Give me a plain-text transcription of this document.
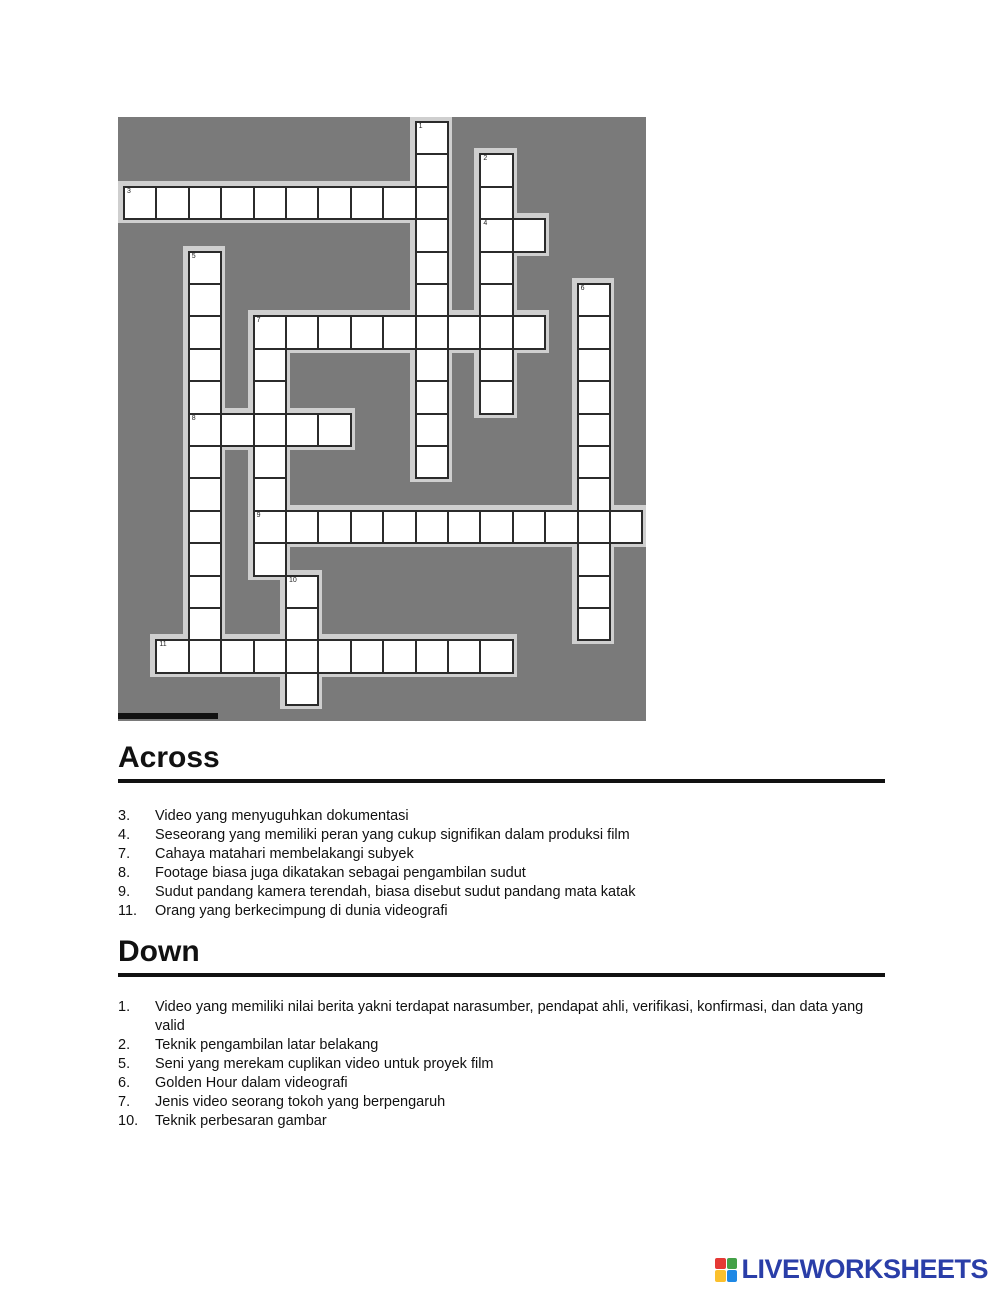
1
2
4
3
5
8
6
7
9
10
11
Across
3. Video yang menyuguhkan dokumentasi
4. Seseorang yang memiliki peran yang cukup signifikan dalam produksi film
7. Cahaya matahari membelakangi subyek
8. Footage biasa juga dikatakan sebagai pengambilan sudut
9. Sudut pandang kamera terendah, biasa disebut sudut pandang mata katak
11. Orang yang berkecimpung di dunia videografi
Down
1. Video yang memiliki nilai berita yakni terdapat narasumber, pendapat ahli, verifikasi, konfirmasi, dan data yang valid
2. Teknik pengambilan latar belakang
5. Seni yang merekam cuplikan video untuk proyek film
6. Golden Hour dalam videografi
7. Jenis video seorang tokoh yang berpengaruh
10. Teknik perbesaran gambar
LIVEWORKSHEETS
